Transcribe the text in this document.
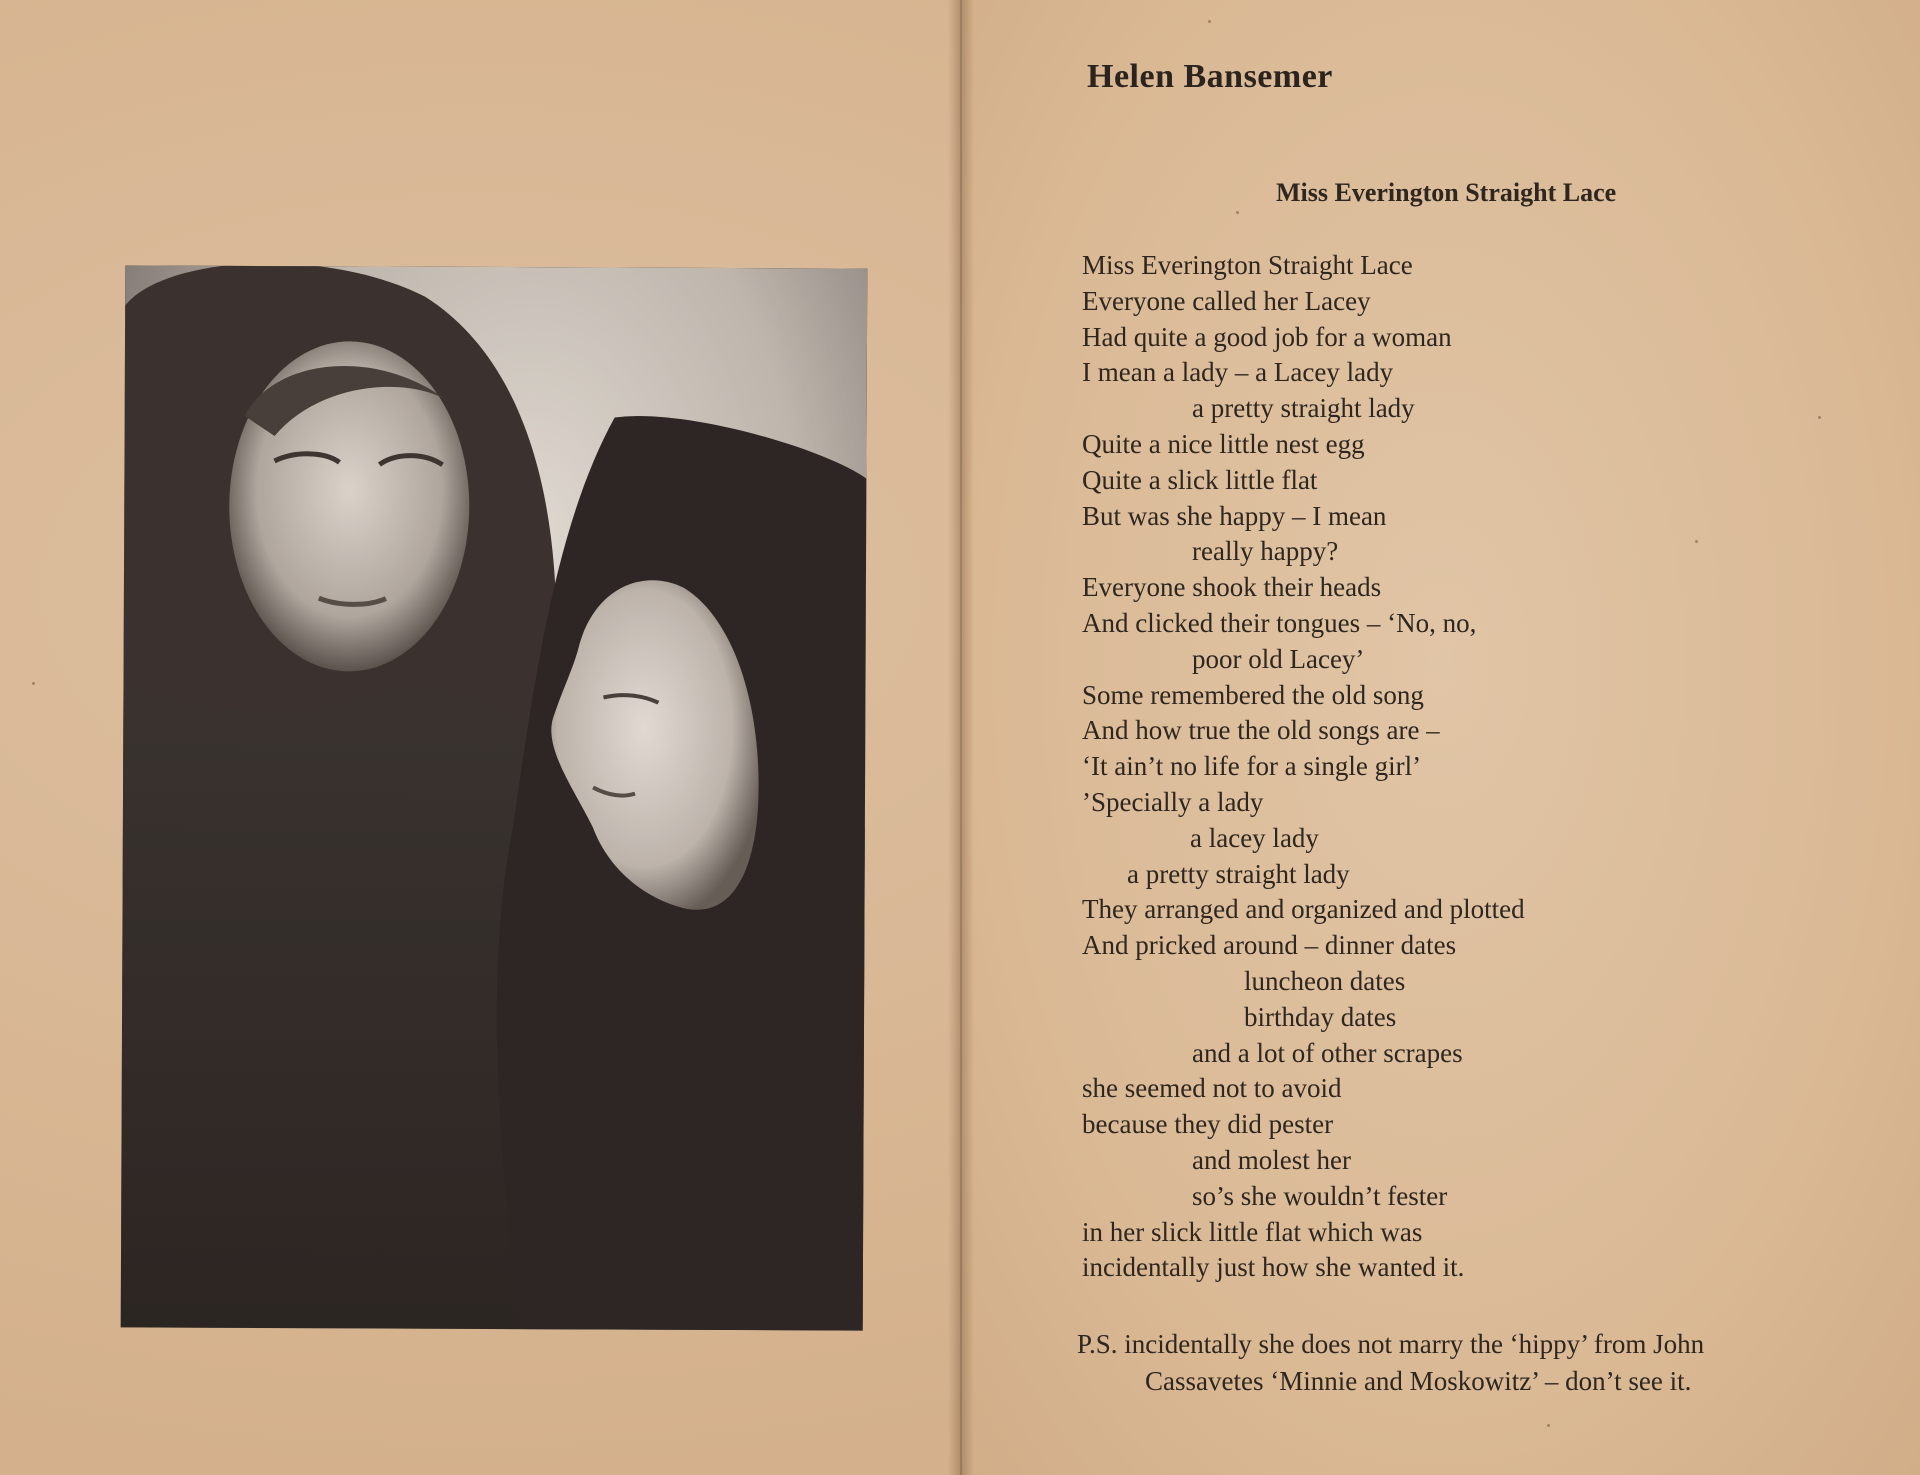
Helen Bansemer
Miss Everington Straight Lace
Miss Everington Straight Lace
Everyone called her Lacey
Had quite a good job for a woman
I mean a lady – a Lacey lady
a pretty straight lady
Quite a nice little nest egg
Quite a slick little flat
But was she happy – I mean
really happy?
Everyone shook their heads
And clicked their tongues – ‘No, no,
poor old Lacey’
Some remembered the old song
And how true the old songs are –
‘It ain’t no life for a single girl’
’Specially a lady
a lacey lady
a pretty straight lady
They arranged and organized and plotted
And pricked around – dinner dates
luncheon dates
birthday dates
and a lot of other scrapes
she seemed not to avoid
because they did pester
and molest her
so’s she wouldn’t fester
in her slick little flat which was
incidentally just how she wanted it.
P.S. incidentally she does not marry the ‘hippy’ from John
Cassavetes ‘Minnie and Moskowitz’ – don’t see it.
